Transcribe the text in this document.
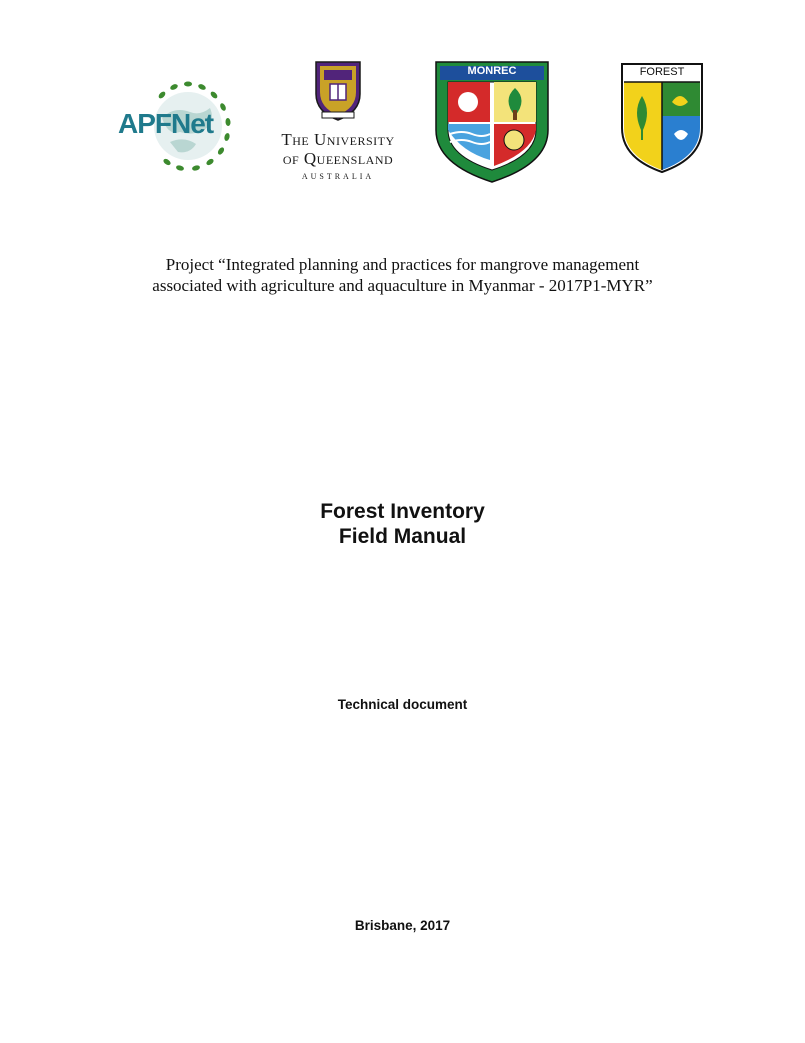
APFNet
The University
of Queensland
AUSTRALIA
MONREC	FOREST

Project “Integrated planning and practices for mangrove management
associated with agriculture and aquaculture in Myanmar - 2017P1-MYR”

Forest Inventory
Field Manual

Technical document

Brisbane, 2017
